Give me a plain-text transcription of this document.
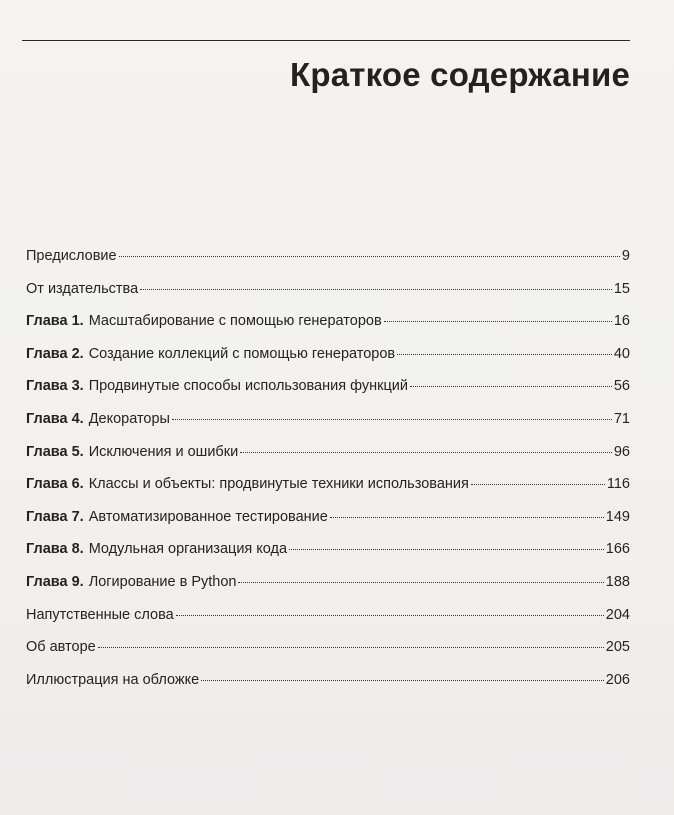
Краткое содержание
Предисловие	9
От издательства	15
Глава 1. Масштабирование с помощью генераторов	16
Глава 2. Создание коллекций с помощью генераторов	40
Глава 3. Продвинутые способы использования функций	56
Глава 4. Декораторы	71
Глава 5. Исключения и ошибки	96
Глава 6. Классы и объекты: продвинутые техники использования	116
Глава 7. Автоматизированное тестирование	149
Глава 8. Модульная организация кода	166
Глава 9. Логирование в Python	188
Напутственные слова	204
Об авторе	205
Иллюстрация на обложке	206
